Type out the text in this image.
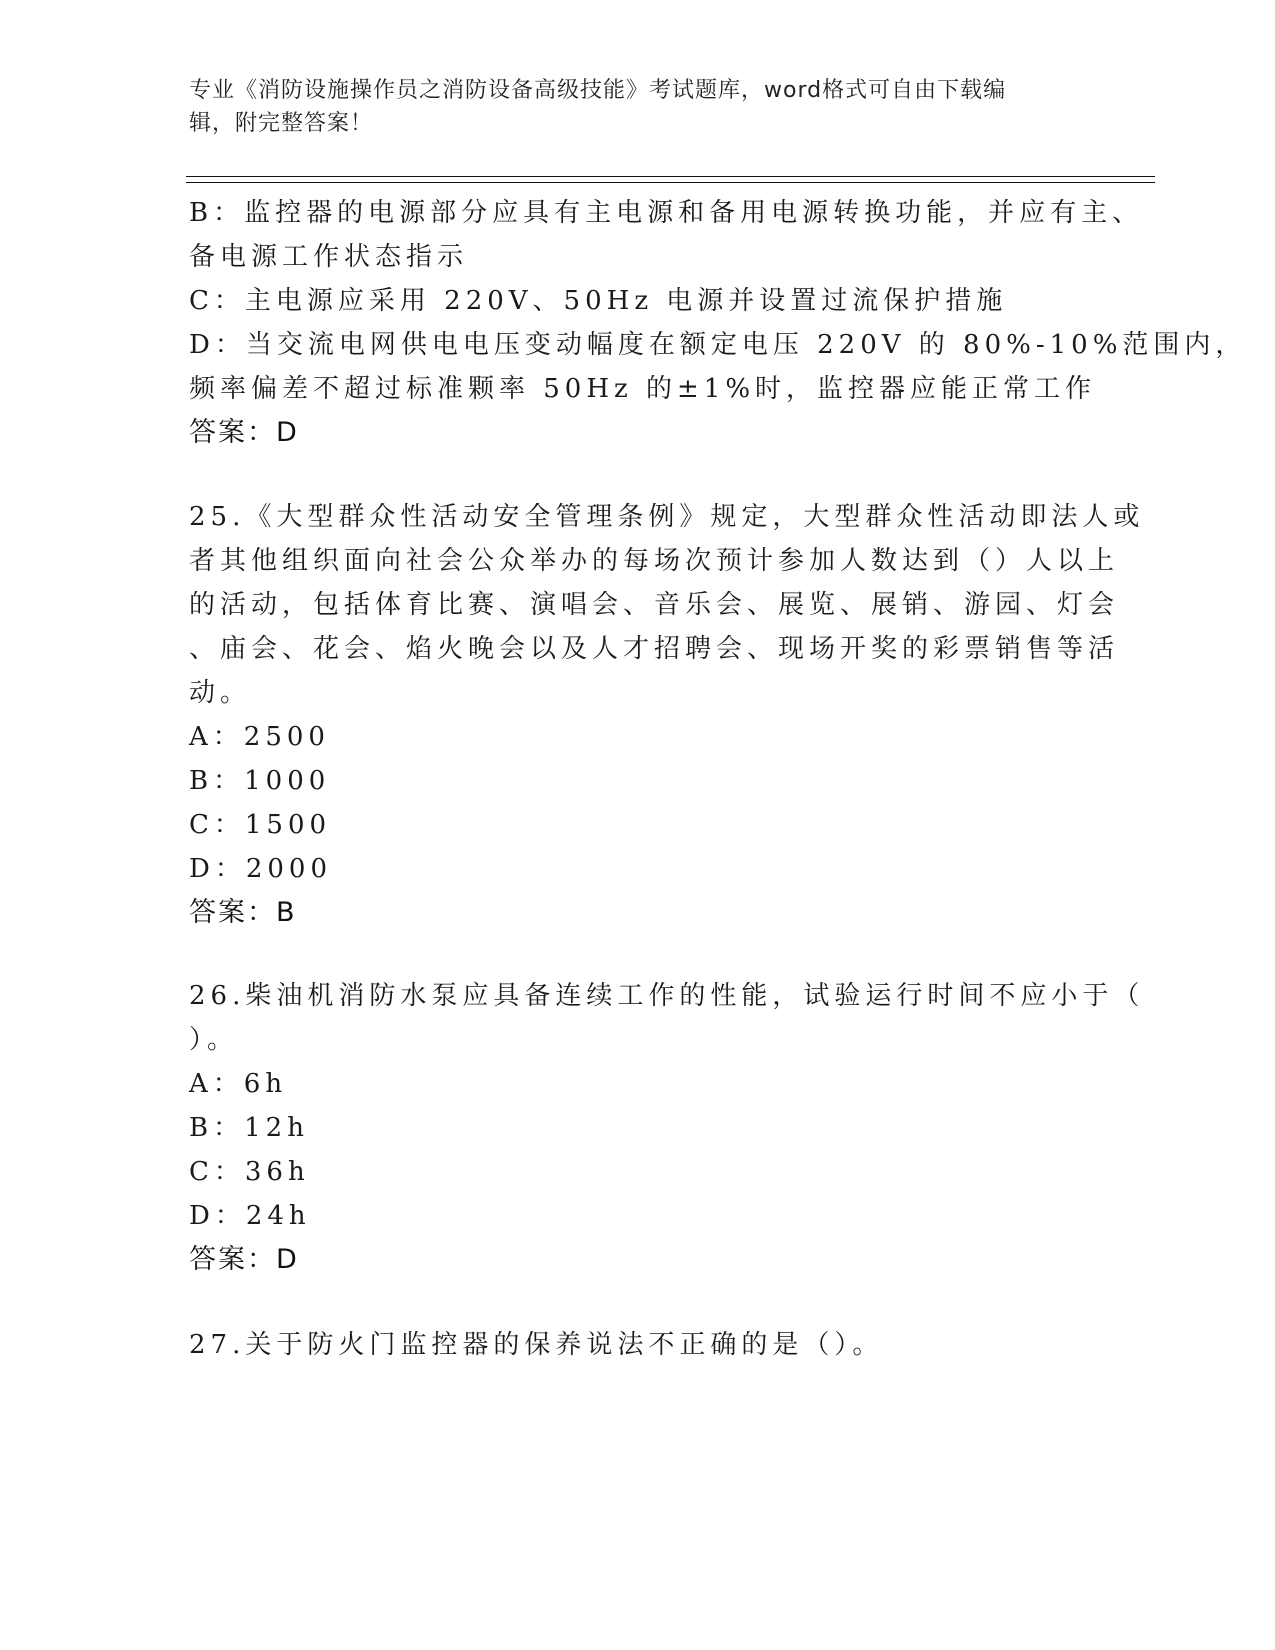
专业《消防设施操作员之消防设备高级技能》考试题库，word格式可自由下载编
辑，附完整答案！
B：监控器的电源部分应具有主电源和备用电源转换功能，并应有主、
备电源工作状态指示
C：主电源应采用 220V、50Hz 电源并设置过流保护措施
D：当交流电网供电电压变动幅度在额定电压 220V 的 80%-10%范围内，
频率偏差不超过标准颗率 50Hz 的±1%时，监控器应能正常工作
答案：D
25.《大型群众性活动安全管理条例》规定，大型群众性活动即法人或
者其他组织面向社会公众举办的每场次预计参加人数达到（）人以上
的活动，包括体育比赛、演唱会、音乐会、展览、展销、游园、灯会
、庙会、花会、焰火晚会以及人才招聘会、现场开奖的彩票销售等活
动。
A：2500
B：1000
C：1500
D：2000
答案：B
26.柴油机消防水泵应具备连续工作的性能，试验运行时间不应小于（
）。
A：6h
B：12h
C：36h
D：24h
答案：D
27.关于防火门监控器的保养说法不正确的是（）。
